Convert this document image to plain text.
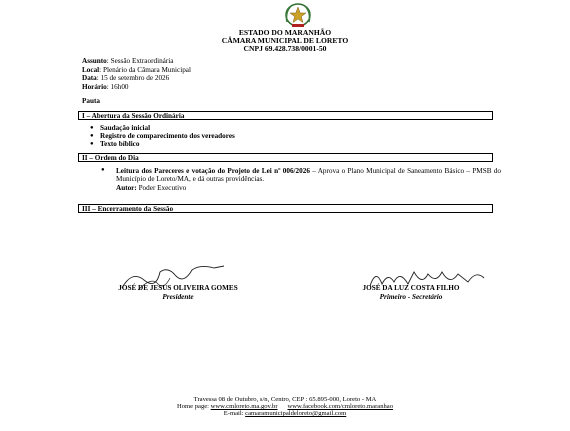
ESTADO DO MARANHÃO
CÂMARA MUNICIPAL DE LORETO
CNPJ 69.428.738/0001-50
Assunto: Sessão Extraordinária
Local: Plenário da Câmara Municipal
Data: 15 de setembro de 2026
Horário: 16h00
Pauta
I – Abertura da Sessão Ordinária
● Saudação inicial
● Registro de comparecimento dos vereadores
● Texto bíblico
II – Ordem do Dia
● Leitura dos Pareceres e votação do Projeto de Lei nº 006/2026 – Aprova o Plano Municipal de Saneamento Básico – PMSB do Município de Loreto/MA, e dá outras providências.
Autor: Poder Executivo
III – Encerramento da Sessão
JOSÉ DE JESUS OLIVEIRA GOMES
Presidente
JOSÉ DA LUZ COSTA FILHO
Primeiro - Secretário
Travessa 08 de Outubro, s/n, Centro, CEP : 65.895-000, Loreto - MA
Home page: www.cmloreto.ma.gov.br www.facebook.com/cmloreto.maranhao
E-mail: camaramunicipaldeloreto@gmail.com
